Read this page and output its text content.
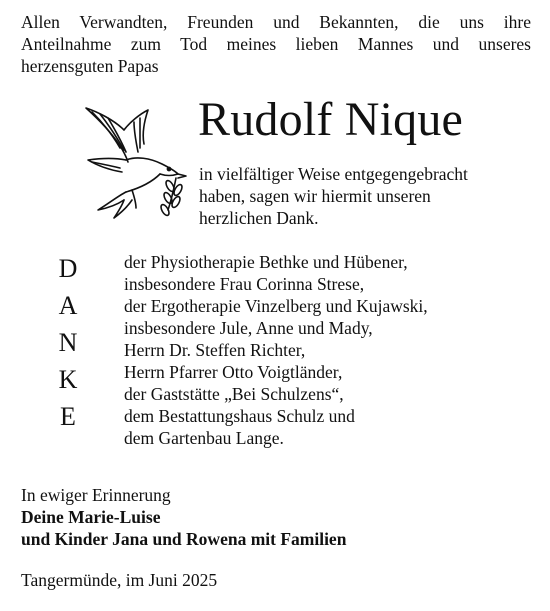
Allen Verwandten, Freunden und Bekannten, die uns ihre
Anteilnahme zum Tod meines lieben Mannes und unseres
herzensguten Papas
Rudolf Nique
in vielfältiger Weise entgegengebracht
haben, sagen wir hiermit unseren
herzlichen Dank.
D
A
N
K
E
der Physiotherapie Bethke und Hübener,
insbesondere Frau Corinna Strese,
der Ergotherapie Vinzelberg und Kujawski,
insbesondere Jule, Anne und Mady,
Herrn Dr. Steffen Richter,
Herrn Pfarrer Otto Voigtländer,
der Gaststätte „Bei Schulzens“,
dem Bestattungshaus Schulz und
dem Gartenbau Lange.
In ewiger Erinnerung
Deine Marie-Luise
und Kinder Jana und Rowena mit Familien
Tangermünde, im Juni 2025
